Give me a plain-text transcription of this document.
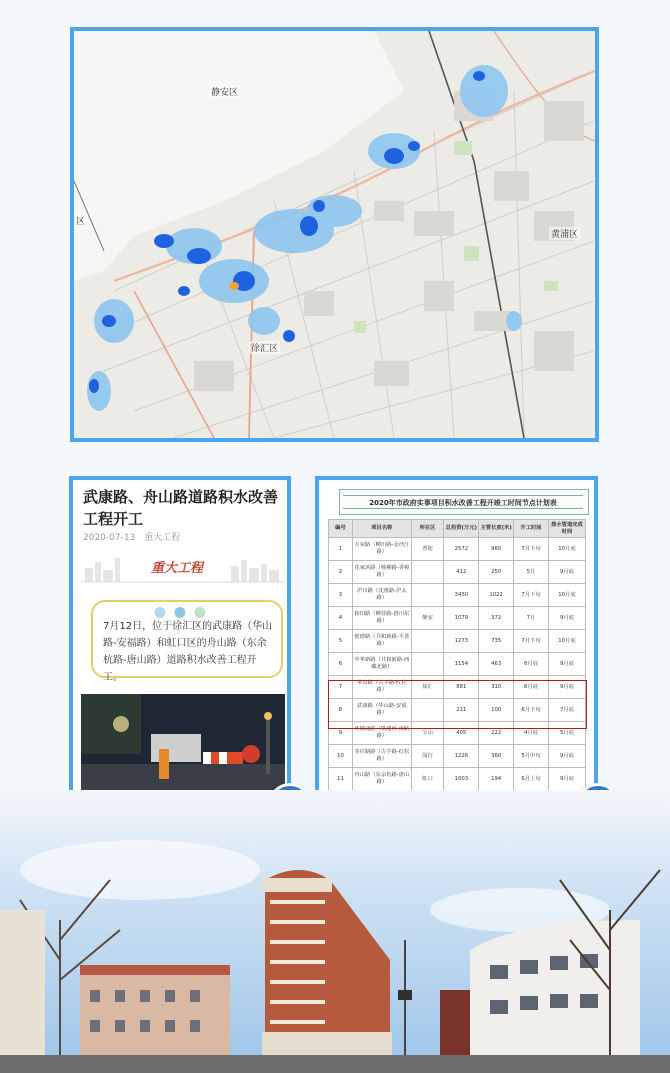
静安区
黄浦区
徐汇区
区
武康路、舟山路道路积水改善工程开工
2020-07-13 重大工程
重大工程

7月12日，位于徐汇区的武康路（华山路-安福路）和虹口区的舟山路（东余杭路-唐山路）道路积水改善工程开工。
2020年市政府实事项目积水改善工程开竣工时间节点计划表
编号	项目名称	所在区	总投资(万元)	主管长度(米)	开工时间	排水管道完成时间
1	万荣路（柳川路-金沙江路）	普陀	2572	960	7月下旬	10月底
2	花家浜路（杨柳路-香樟路）		412	250	5月	9月底
3	沪川路（沈惠路-沪太路）		3430	1022	7月下旬	10月底
4	和田路（柳营路-洛川东路）	静安	1079	372	7月	9月底
5	彼德路（共和新路-平善路）		1273	735	7月下旬	10月底
6	中华新路（共和新路-西藏北路）		1154	463	6月底	9月底
7	华山路（古羊路-红松路）	徐汇	881	310	6月底	9月底
8	武康路（华山路-安福路）		211	100	6月下旬	7月底
9	环镇北路（铁通河-南路路）	宝山	405	222	4月底	5月底
10	莘任路路（古羊路-红松路）	闵行	1226	360	5月中旬	9月底
11	舟山路（东余杭路-唐山路）	虹口	1003	194	6月上旬	9月底
